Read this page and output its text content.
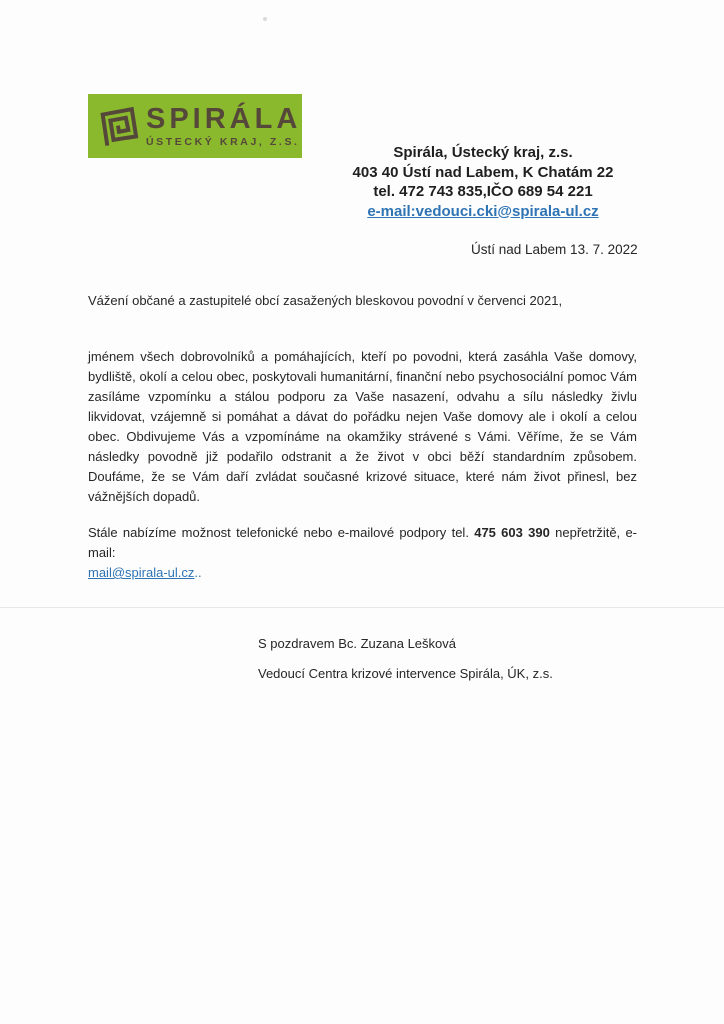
SPIRÁLA
ÚSTECKÝ KRAJ, Z.S.
Spirála, Ústecký kraj, z.s.
403 40 Ústí nad Labem, K Chatám 22
tel. 472 743 835,IČO 689 54 221
e-mail:vedouci.cki@spirala-ul.cz
Ústí nad Labem 13. 7. 2022

Vážení občané a zastupitelé obcí zasažených bleskovou povodní v červenci 2021,

jménem všech dobrovolníků a pomáhajících, kteří po povodni, která zasáhla Vaše domovy, bydliště, okolí a celou obec, poskytovali humanitární, finanční nebo psychosociální pomoc Vám zasíláme vzpomínku a stálou podporu za Vaše nasazení, odvahu a sílu následky živlu likvidovat, vzájemně si pomáhat a dávat do pořádku nejen Vaše domovy ale i okolí a celou obec. Obdivujeme Vás a vzpomínáme na okamžiky strávené s Vámi. Věříme, že se Vám následky povodně již podařilo odstranit a že život v obci běží standardním způsobem. Doufáme, že se Vám daří zvládat současné krizové situace, které nám život přinesl, bez vážnějších dopadů.

Stále nabízíme možnost telefonické nebo e-mailové podpory tel. 475 603 390 nepřetržitě, e-mail:
mail@spirala-ul.cz..

S pozdravem Bc. Zuzana Lešková

Vedoucí Centra krizové intervence Spirála, ÚK, z.s.
